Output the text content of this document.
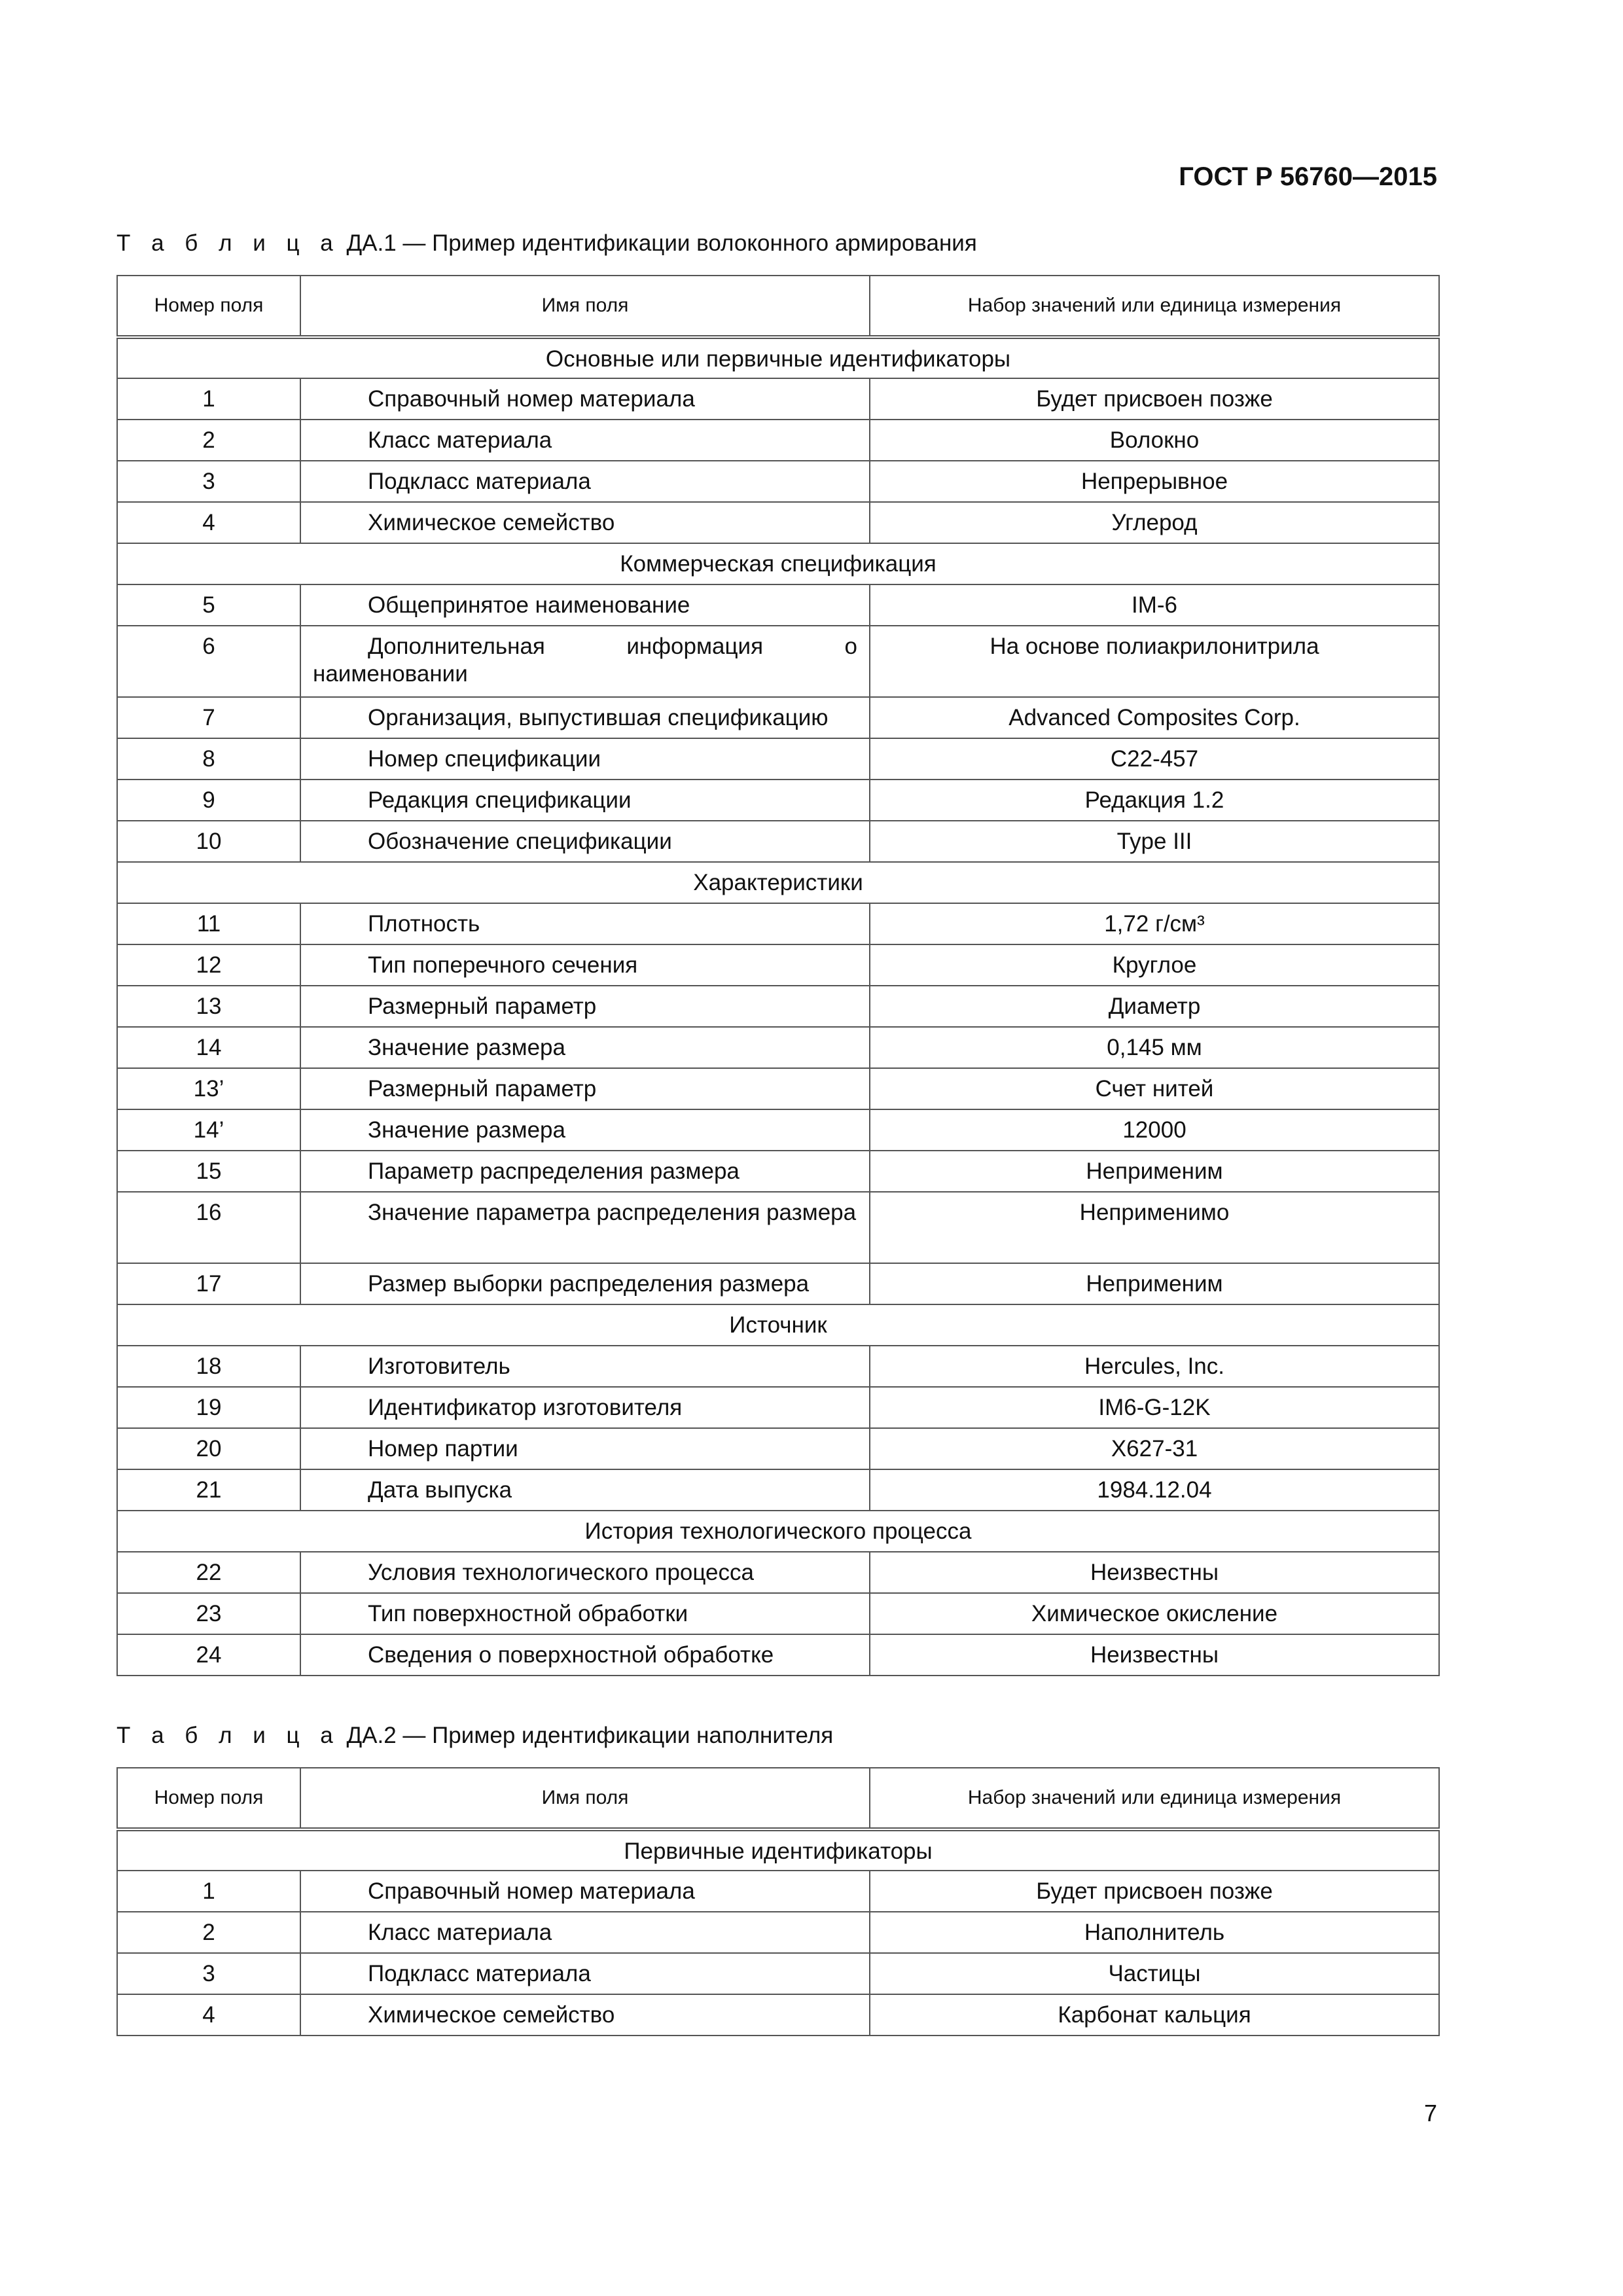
ГОСТ Р 56760—2015
Т а б л и ц а ДА.1 — Пример идентификации волоконного армирования
Номер поля	Имя поля	Набор значений или единица измерения
Основные или первичные идентификаторы		
1	Справочный номер материала	Будет присвоен позже
2	Класс материала	Волокно
3	Подкласс материала	Непрерывное
4	Химическое семейство	Углерод
Коммерческая спецификация		
5	Общепринятое наименование	IM-6
6	Дополнительная информация о наименовании	На основе полиакрилонитрила
7	Организация, выпустившая спецификацию	Advanced Composites Corp.
8	Номер спецификации	C22-457
9	Редакция спецификации	Редакция 1.2
10	Обозначение спецификации	Type III
Характеристики		
11	Плотность	1,72 г/см³
12	Тип поперечного сечения	Круглое
13	Размерный параметр	Диаметр
14	Значение размера	0,145 мм
13’	Размерный параметр	Счет нитей
14’	Значение размера	12000
15	Параметр распределения размера	Неприменим
16	Значение параметра распределения размера	Неприменимо
17	Размер выборки распределения размера	Неприменим
Источник		
18	Изготовитель	Hercules, Inc.
19	Идентификатор изготовителя	IM6-G-12K
20	Номер партии	X627-31
21	Дата выпуска	1984.12.04
История технологического процесса		
22	Условия технологического процесса	Неизвестны
23	Тип поверхностной обработки	Химическое окисление
24	Сведения о поверхностной обработке	Неизвестны
Т а б л и ц а ДА.2 — Пример идентификации наполнителя
Номер поля	Имя поля	Набор значений или единица измерения
Первичные идентификаторы		
1	Справочный номер материала	Будет присвоен позже
2	Класс материала	Наполнитель
3	Подкласс материала	Частицы
4	Химическое семейство	Карбонат кальция
7
